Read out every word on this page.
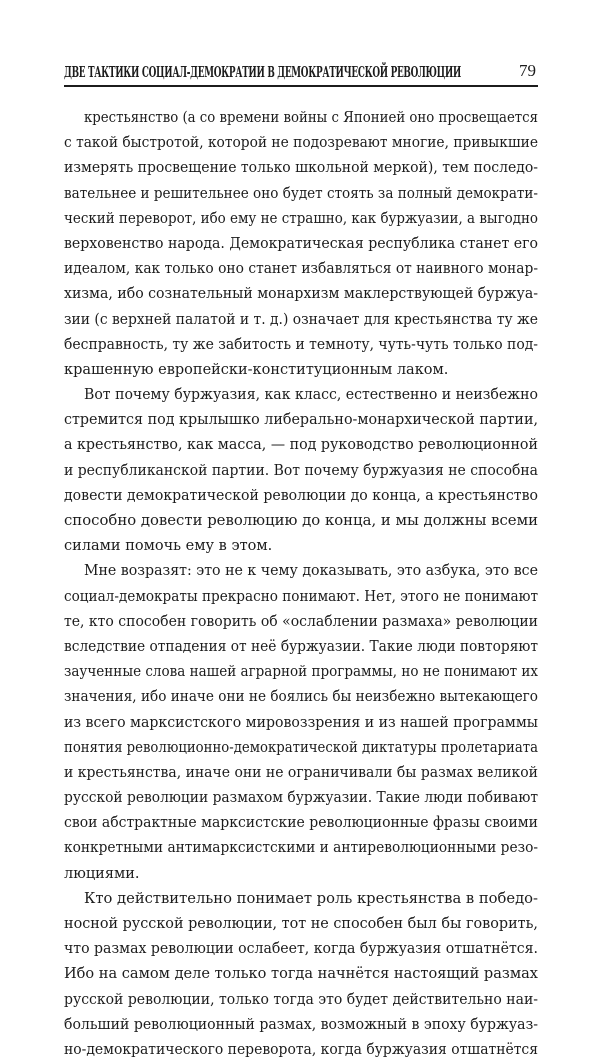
ДВЕ ТАКТИКИ СОЦИАЛ-ДЕМОКРАТИИ В ДЕМОКРАТИЧЕСКОЙ РЕВОЛЮЦИИ	79
крестьянство (а со времени войны с Японией оно просвещается
с такой быстротой, которой не подозревают многие, привыкшие
измерять просвещение только школьной меркой), тем последо-
вательнее и решительнее оно будет стоять за полный демократи-
ческий переворот, ибо ему не страшно, как буржуазии, а выгодно
верховенство народа. Демократическая республика станет его
идеалом, как только оно станет избавляться от наивного монар-
хизма, ибо сознательный монархизм маклерствующей буржуа-
зии (с верхней палатой и т. д.) означает для крестьянства ту же
бесправность, ту же забитость и темноту, чуть-чуть только под-
крашенную европейски-конституционным лаком.
Вот почему буржуазия, как класс, естественно и неизбежно
стремится под крылышко либерально-монархической партии,
а крестьянство, как масса, — под руководство революционной
и республиканской партии. Вот почему буржуазия не способна
довести демократической революции до конца, а крестьянство
способно довести революцию до конца, и мы должны всеми
силами помочь ему в этом.
Мне возразят: это не к чему доказывать, это азбука, это все
социал-демократы прекрасно понимают. Нет, этого не понимают
те, кто способен говорить об «ослаблении размаха» революции
вследствие отпадения от неё буржуазии. Такие люди повторяют
заученные слова нашей аграрной программы, но не понимают их
значения, ибо иначе они не боялись бы неизбежно вытекающего
из всего марксистского мировоззрения и из нашей программы
понятия революционно-демократической диктатуры пролетариата
и крестьянства, иначе они не ограничивали бы размах великой
русской революции размахом буржуазии. Такие люди побивают
свои абстрактные марксистские революционные фразы своими
конкретными антимарксистскими и антиреволюционными резо-
люциями.
Кто действительно понимает роль крестьянства в победо-
носной русской революции, тот не способен был бы говорить,
что размах революции ослабеет, когда буржуазия отшатнётся.
Ибо на самом деле только тогда начнётся настоящий размах
русской революции, только тогда это будет действительно наи-
больший революционный размах, возможный в эпоху буржуаз-
но-демократического переворота, когда буржуазия отшатнётся
